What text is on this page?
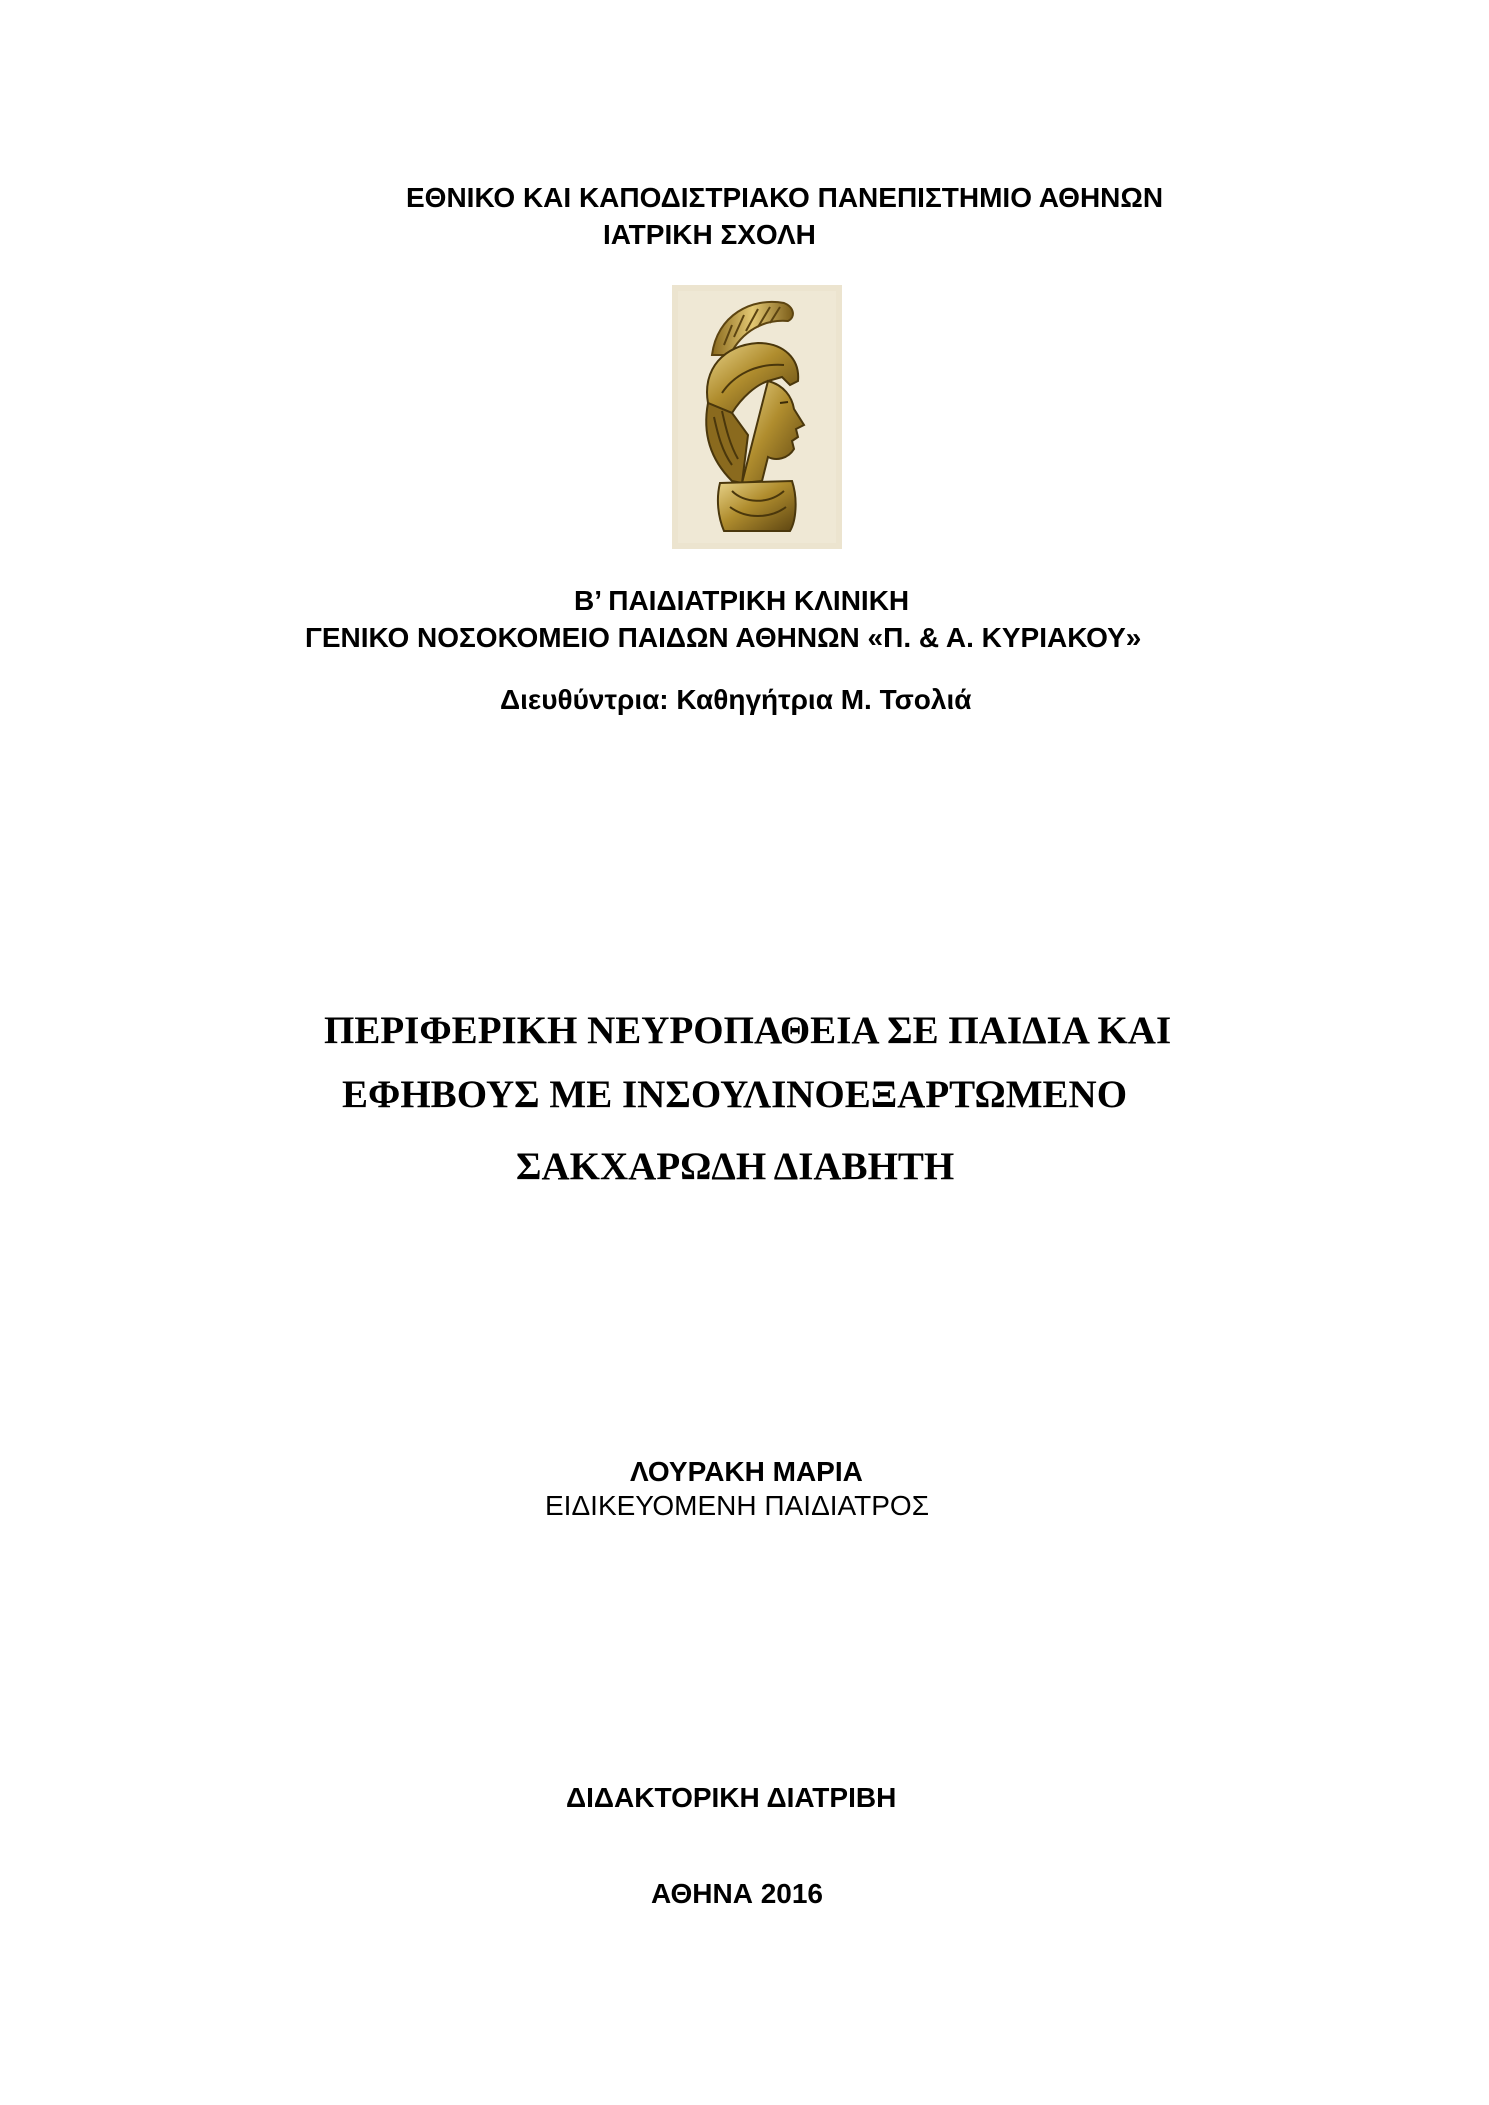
ΕΘΝΙΚΟ ΚΑΙ ΚΑΠΟΔΙΣΤΡΙΑΚΟ ΠΑΝΕΠΙΣΤΗΜΙΟ ΑΘΗΝΩΝ
ΙΑΤΡΙΚΗ ΣΧΟΛΗ
Β’ ΠΑΙΔΙΑΤΡΙΚΗ ΚΛΙΝΙΚΗ
ΓΕΝΙΚΟ ΝΟΣΟΚΟΜΕΙΟ ΠΑΙΔΩΝ ΑΘΗΝΩΝ «Π. & Α. ΚΥΡΙΑΚΟΥ»
Διευθύντρια: Καθηγήτρια Μ. Τσολιά
ΠΕΡΙΦΕΡΙΚΗ ΝΕΥΡΟΠΑΘΕΙΑ ΣΕ ΠΑΙΔΙΑ ΚΑΙ
ΕΦΗΒΟΥΣ ΜΕ ΙΝΣΟΥΛΙΝΟΕΞΑΡΤΩΜΕΝΟ
ΣΑΚΧΑΡΩΔΗ ΔΙΑΒΗΤΗ
ΛΟΥΡΑΚΗ ΜΑΡΙΑ
ΕΙΔΙΚΕΥΟΜΕΝΗ ΠΑΙΔΙΑΤΡΟΣ
ΔΙΔΑΚΤΟΡΙΚΗ ΔΙΑΤΡΙΒΗ
ΑΘΗΝΑ 2016
